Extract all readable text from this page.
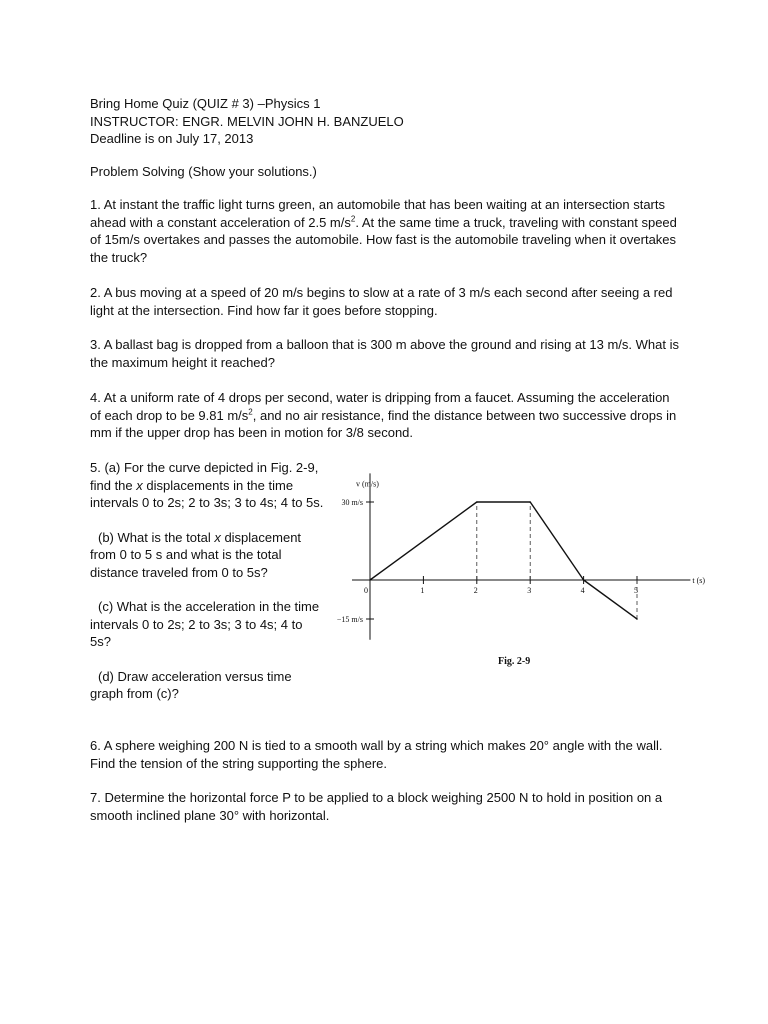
Bring Home Quiz (QUIZ # 3) –Physics 1
INSTRUCTOR: ENGR. MELVIN JOHN H. BANZUELO
Deadline is on July 17, 2013
Problem Solving (Show your solutions.)
1. At instant the traffic light turns green, an automobile that has been waiting at an intersection starts ahead with a constant acceleration of 2.5 $m/s^2$. At the same time a truck, traveling with constant speed of 15m/s overtakes and passes the automobile. How fast is the automobile traveling when it overtakes the truck?
2. A bus moving at a speed of 20 m/s begins to slow at a rate of 3 m/s each second after seeing a red light at the intersection. Find how far it goes before stopping.
3. A ballast bag is dropped from a balloon that is 300 m above the ground and rising at 13 m/s. What is the maximum height it reached?
4. At a uniform rate of 4 drops per second, water is dripping from a faucet. Assuming the acceleration of each drop to be 9.81 $m/s^2$, and no air resistance, find the distance between two successive drops in mm if the upper drop has been in motion for 3/8 second.
5. (a) For the curve depicted in Fig. 2-9,
find the x displacements in the time
intervals 0 to 2s; 2 to 3s; 3 to 4s; 4 to 5s.
(b) What is the total x displacement
from 0 to 5 s and what is the total
distance traveled from 0 to 5s?
(c) What is the acceleration in the time
intervals 0 to 2s; 2 to 3s; 3 to 4s; 4 to
5s?
(d) Draw acceleration versus time
graph from (c)?
0	1	2	3	4	5
v (m/s)
t (s)
30 m/s
−15 m/s
Fig. 2-9
6. A sphere weighing 200 N is tied to a smooth wall by a string which makes 20° angle with the wall. Find the tension of the string supporting the sphere.
7. Determine the horizontal force P to be applied to a block weighing 2500 N to hold in position on a smooth inclined plane 30° with horizontal.
